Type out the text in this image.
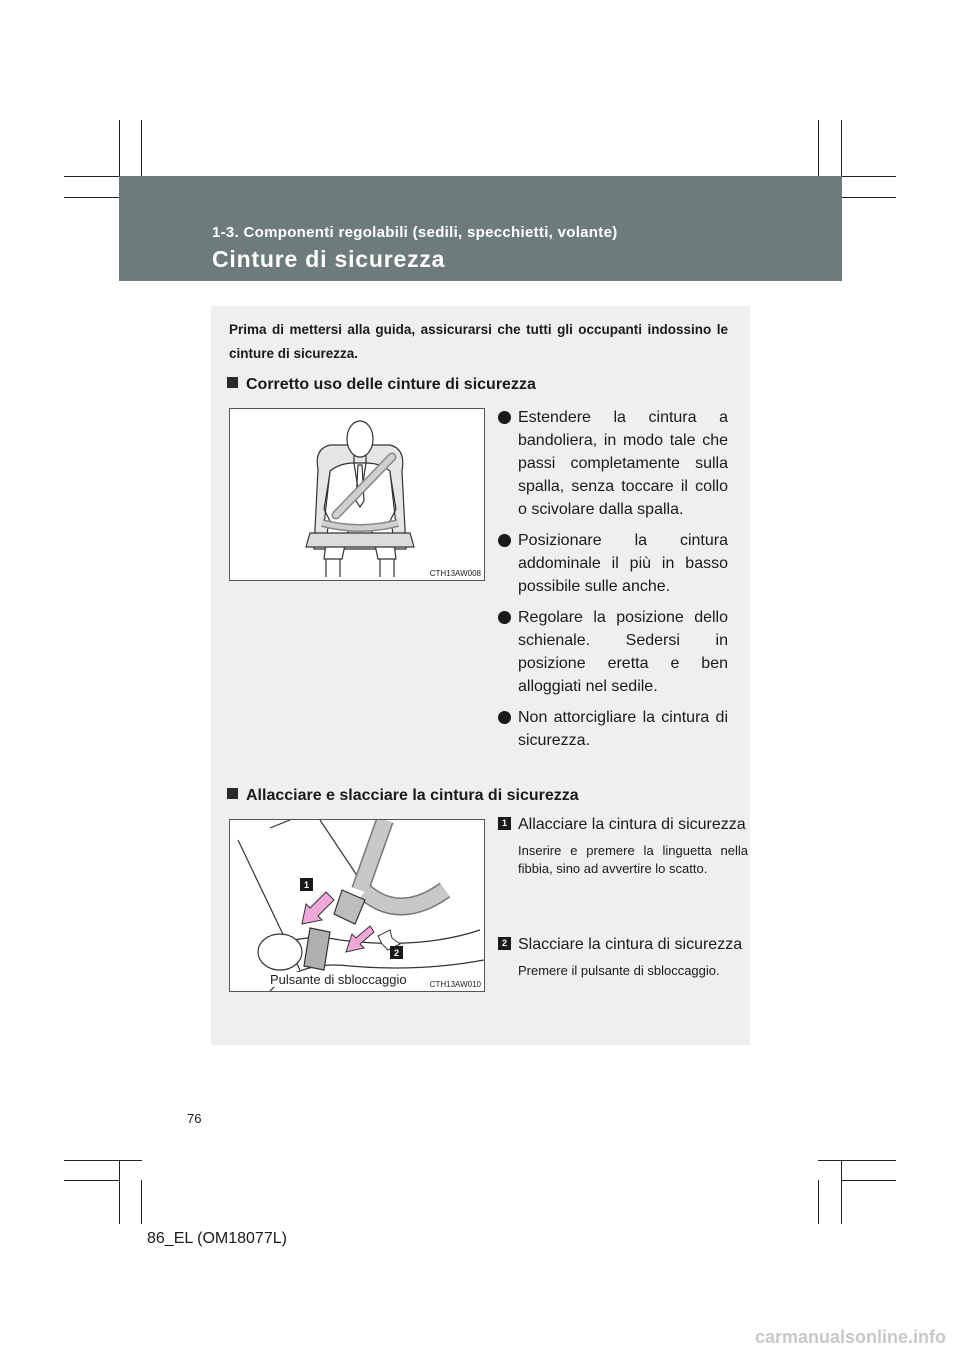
1-3. Componenti regolabili (sedili, specchietti, volante)
Cinture di sicurezza
Prima di mettersi alla guida, assicurarsi che tutti gli occupanti indossino le cinture di sicurezza.
Corretto uso delle cinture di sicurezza
CTH13AW008
Estendere la cintura a bandoliera, in modo tale che passi completamente sulla spalla, senza toccare il collo o scivolare dalla spalla.
Posizionare la cintura addominale il più in basso possibile sulle anche.
Regolare la posizione dello schienale. Sedersi in posizione eretta e ben alloggiati nel sedile.
Non attorcigliare la cintura di sicurezza.
Allacciare e slacciare la cintura di sicurezza
1
2
Pulsante di sbloccaggio	CTH13AW010
1 Allacciare la cintura di sicurezza
Inserire e premere la linguetta nella fibbia, sino ad avvertire lo scatto.
2 Slacciare la cintura di sicurezza
Premere il pulsante di sbloccaggio.
76
86_EL (OM18077L)
carmanualsonline.info
